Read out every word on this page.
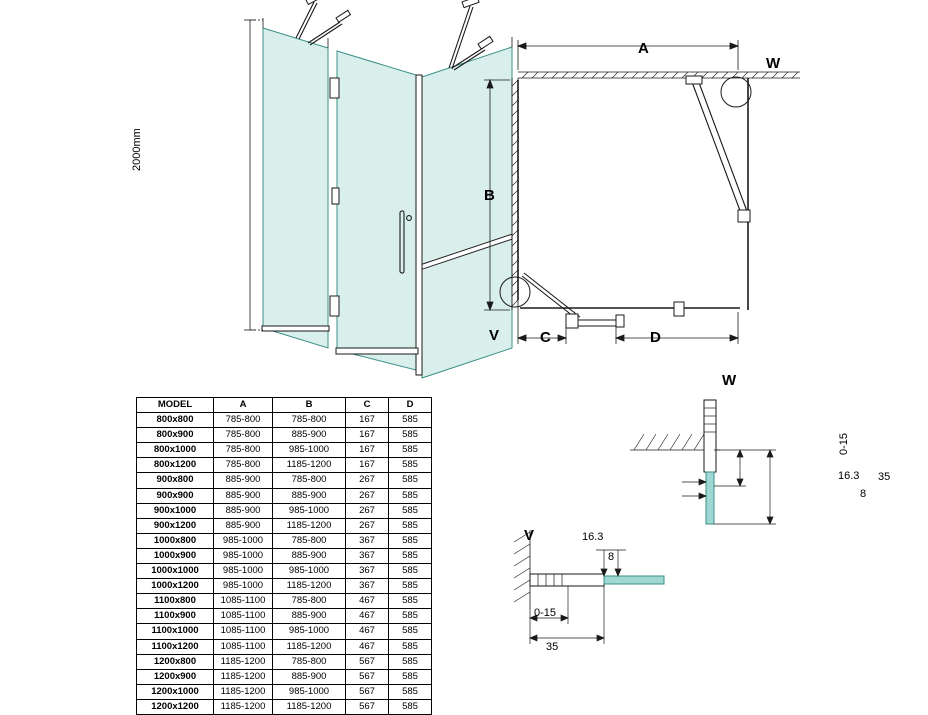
2000mm
A
B
C	D
W
V
W
0-15
35
16.3
8
V	16.3
8
0-15
35
MODEL	A	B	C	D
800x800	785-800	785-800	167	585
800x900	785-800	885-900	167	585
800x1000	785-800	985-1000	167	585
800x1200	785-800	1185-1200	167	585
900x800	885-900	785-800	267	585
900x900	885-900	885-900	267	585
900x1000	885-900	985-1000	267	585
900x1200	885-900	1185-1200	267	585
1000x800	985-1000	785-800	367	585
1000x900	985-1000	885-900	367	585
1000x1000	985-1000	985-1000	367	585
1000x1200	985-1000	1185-1200	367	585
1100x800	1085-1100	785-800	467	585
1100x900	1085-1100	885-900	467	585
1100x1000	1085-1100	985-1000	467	585
1100x1200	1085-1100	1185-1200	467	585
1200x800	1185-1200	785-800	567	585
1200x900	1185-1200	885-900	567	585
1200x1000	1185-1200	985-1000	567	585
1200x1200	1185-1200	1185-1200	567	585
